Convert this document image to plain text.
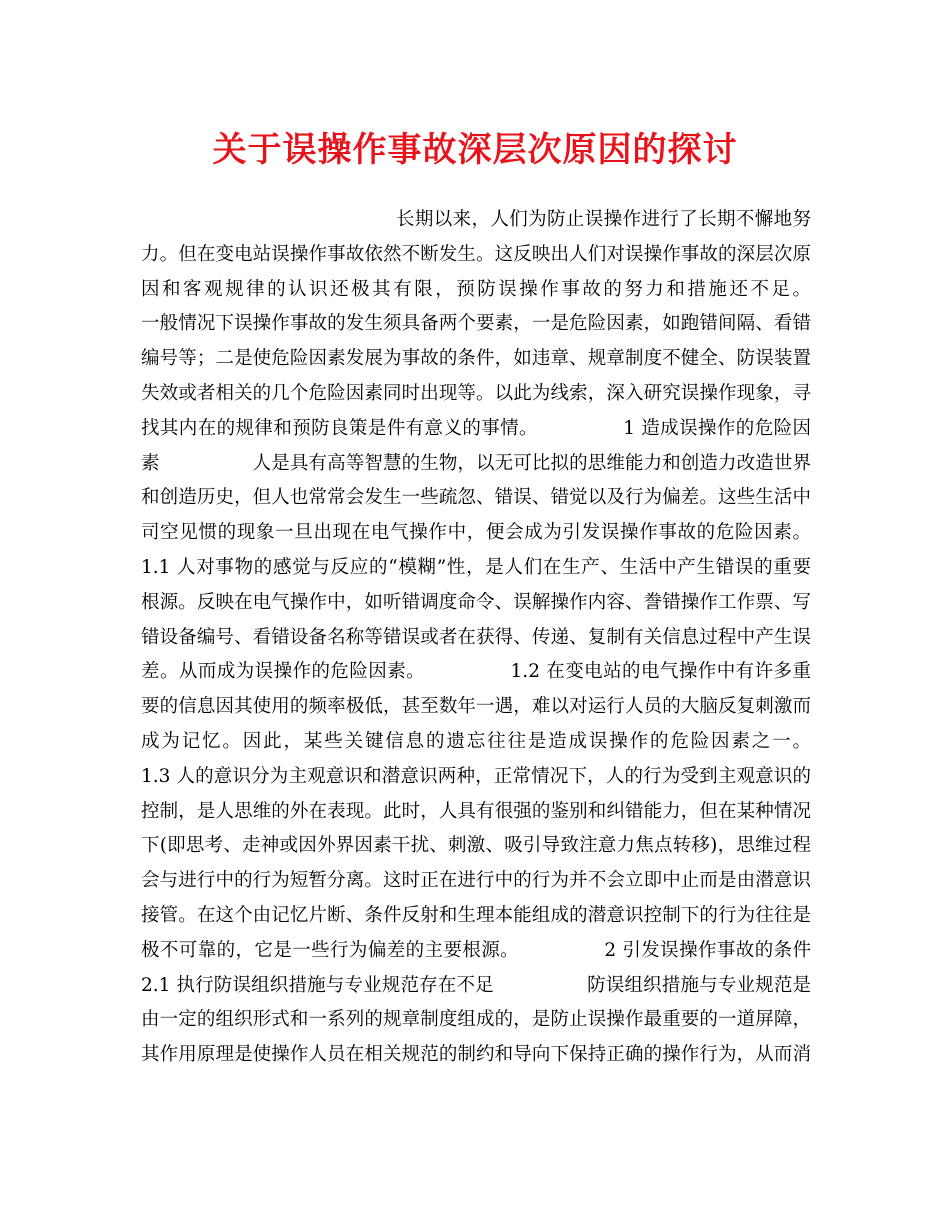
关于误操作事故深层次原因的探讨
长期以来，人们为防止误操作进行了长期不懈地努
力。但在变电站误操作事故依然不断发生。这反映出人们对误操作事故的深层次原
因和客观规律的认识还极其有限，预防误操作事故的努力和措施还不足。
一般情况下误操作事故的发生须具备两个要素，一是危险因素，如跑错间隔、看错
编号等；二是使危险因素发展为事故的条件，如违章、规章制度不健全、防误装置
失效或者相关的几个危险因素同时出现等。以此为线索，深入研究误操作现象，寻
找其内在的规律和预防良策是件有意义的事情。　　　　　1 造成误操作的危险因
素　　　　　人是具有高等智慧的生物，以无可比拟的思维能力和创造力改造世界
和创造历史，但人也常常会发生一些疏忽、错误、错觉以及行为偏差。这些生活中
司空见惯的现象一旦出现在电气操作中，便会成为引发误操作事故的危险因素。
1.1 人对事物的感觉与反应的“模糊”性，是人们在生产、生活中产生错误的重要
根源。反映在电气操作中，如听错调度命令、误解操作内容、誊错操作工作票、写
错设备编号、看错设备名称等错误或者在获得、传递、复制有关信息过程中产生误
差。从而成为误操作的危险因素。　　　　　1.2 在变电站的电气操作中有许多重
要的信息因其使用的频率极低，甚至数年一遇，难以对运行人员的大脑反复刺激而
成为记忆。因此，某些关键信息的遗忘往往是造成误操作的危险因素之一。
1.3 人的意识分为主观意识和潜意识两种，正常情况下，人的行为受到主观意识的
控制，是人思维的外在表现。此时，人具有很强的鉴别和纠错能力，但在某种情况
下(即思考、走神或因外界因素干扰、刺激、吸引导致注意力焦点转移)，思维过程
会与进行中的行为短暂分离。这时正在进行中的行为并不会立即中止而是由潜意识
接管。在这个由记忆片断、条件反射和生理本能组成的潜意识控制下的行为往往是
极不可靠的，它是一些行为偏差的主要根源。　　　　　2 引发误操作事故的条件
2.1 执行防误组织措施与专业规范存在不足　　　　　防误组织措施与专业规范是
由一定的组织形式和一系列的规章制度组成的，是防止误操作最重要的一道屏障，
其作用原理是使操作人员在相关规范的制约和导向下保持正确的操作行为，从而消
